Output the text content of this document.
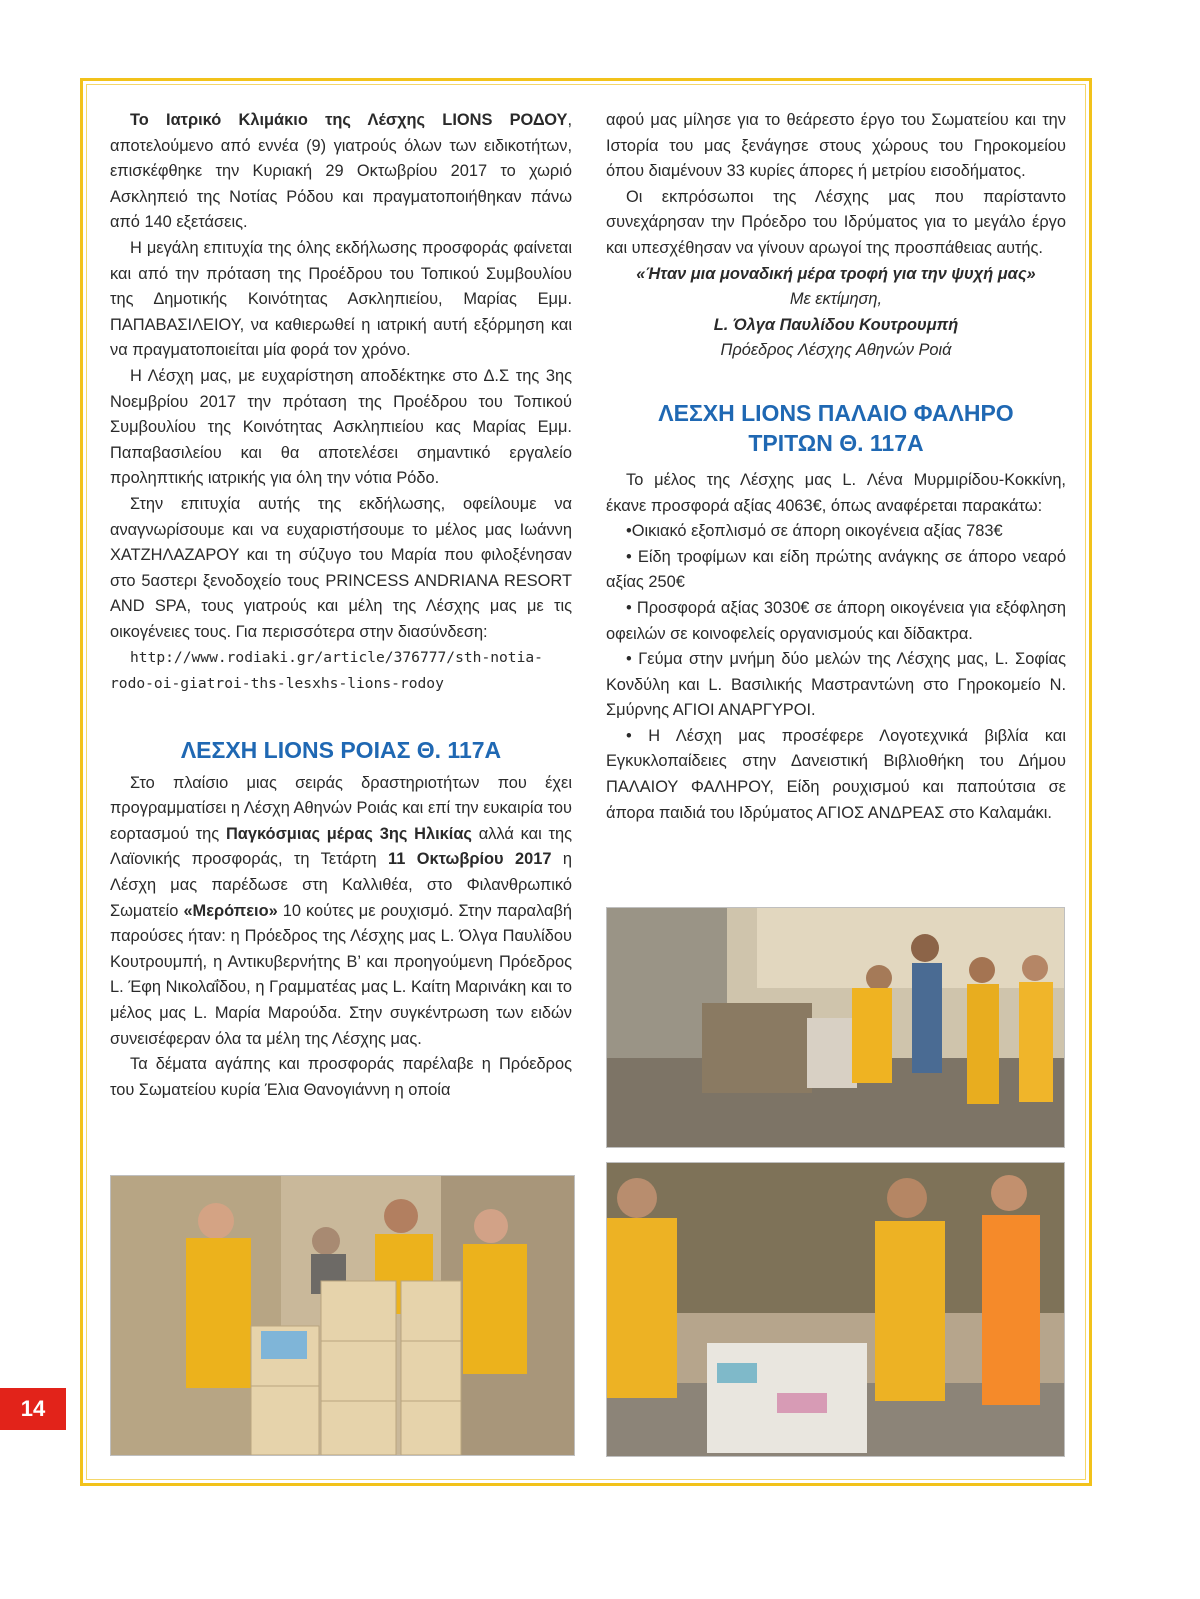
14

Το Ιατρικό Κλιμάκιο της Λέσχης LIONS ΡΟΔΟΥ, αποτελούμενο από εννέα (9) γιατρούς όλων των ειδικοτήτων, επισκέφθηκε την Κυριακή 29 Οκτωβρίου 2017 το χωριό Ασκληπειό της Νοτίας Ρόδου και πραγματοποιήθηκαν πάνω από 140 εξετάσεις.

Η μεγάλη επιτυχία της όλης εκδήλωσης προσφοράς φαίνεται και από την πρόταση της Προέδρου του Τοπικού Συμβουλίου της Δημοτικής Κοινότητας Ασκληπιείου, Μαρίας Εμμ. ΠΑΠΑΒΑΣΙΛΕΙΟΥ, να καθιερωθεί η ιατρική αυτή εξόρμηση και να πραγματοποιείται μία φορά τον χρόνο.

Η Λέσχη μας, με ευχαρίστηση αποδέκτηκε στο Δ.Σ της 3ης Νοεμβρίου 2017 την πρόταση της Προέδρου του Τοπικού Συμβουλίου της Κοινότητας Ασκληπιείου κας Μαρίας Εμμ. Παπαβασιλείου και θα αποτελέσει σημαντικό εργαλείο προληπτικής ιατρικής για όλη την νότια Ρόδο.

Στην επιτυχία αυτής της εκδήλωσης, οφείλουμε να αναγνωρίσουμε και να ευχαριστήσουμε το μέλος μας Ιωάννη ΧΑΤΖΗΛΑΖΑΡΟΥ και τη σύζυγο του Μαρία που φιλοξένησαν στο 5αστερι ξενοδοχείο τους PRINCESS ANDRIANA RESORT AND SPA, τους γιατρούς και μέλη της Λέσχης μας με τις οικογένειες τους. Για περισσότερα στην διασύνδεση:

http://www.rodiaki.gr/article/376777/sth-notia-rodo-oi-giatroi-ths-lesxhs-lions-rodoy
ΛΕΣΧΗ LIONS ΡΟΙΑΣ Θ. 117Α

Στο πλαίσιο μιας σειράς δραστηριοτήτων που έχει προγραμματίσει η Λέσχη Αθηνών Ροιάς και επί την ευκαιρία του εορτασμού της Παγκόσμιας μέρας 3ης Ηλικίας αλλά και της Λαϊονικής προσφοράς, τη Τετάρτη 11 Οκτωβρίου 2017 η Λέσχη μας παρέδωσε στη Καλλιθέα, στο Φιλανθρωπικό Σωματείο «Μερόπειο» 10 κούτες με ρουχισμό. Στην παραλαβή παρούσες ήταν: η Πρόεδρος της Λέσχης μας L. Όλγα Παυλίδου Κουτρουμπή, η Αντικυβερνήτης Β’ και προηγούμενη Πρόεδρος L. Έφη Νικολαΐδου, η Γραμματέας μας L. Καίτη Μαρινάκη και το μέλος μας L. Μαρία Μαρούδα. Στην συγκέντρωση των ειδών συνεισέφεραν όλα τα μέλη της Λέσχης μας.

Τα δέματα αγάπης και προσφοράς παρέλαβε η Πρόεδρος του Σωματείου κυρία Έλια Θανογιάννη η οποία

αφού μας μίλησε για το θεάρεστο έργο του Σωματείου και την Ιστορία του μας ξενάγησε στους χώρους του Γηροκομείου όπου διαμένουν 33 κυρίες άπορες ή μετρίου εισοδήματος.

Οι εκπρόσωποι της Λέσχης μας που παρίσταντο συνεχάρησαν την Πρόεδρο του Ιδρύματος για το μεγάλο έργο και υπεσχέθησαν να γίνουν αρωγοί της προσπάθειας αυτής.

«Ήταν μια μοναδική μέρα τροφή για την ψυχή μας»

Με εκτίμηση,

L. Όλγα Παυλίδου Κουτρουμπή

Πρόεδρος Λέσχης Αθηνών Ροιά

ΛΕΣΧΗ LIONS ΠΑΛΑΙΟ ΦΑΛΗΡΟ
ΤΡΙΤΩΝ Θ. 117Α

Το μέλος της Λέσχης μας L. Λένα Μυρμιρίδου-Κοκκίνη, έκανε προσφορά αξίας 4063€, όπως αναφέρεται παρακάτω:

•Οικιακό εξοπλισμό σε άπορη οικογένεια αξίας 783€

• Είδη τροφίμων και είδη πρώτης ανάγκης σε άπορο νεαρό αξίας 250€

• Προσφορά αξίας 3030€ σε άπορη οικογένεια για εξόφληση οφειλών σε κοινοφελείς οργανισμούς και δίδακτρα.

• Γεύμα στην μνήμη δύο μελών της Λέσχης μας, L. Σοφίας Κονδύλη και L. Βασιλικής Μαστραντώνη στο Γηροκομείο Ν. Σμύρνης ΑΓΙΟΙ ΑΝΑΡΓΥΡΟΙ.

• Η Λέσχη μας προσέφερε Λογοτεχνικά βιβλία και Εγκυκλοπαίδειες στην Δανειστική Βιβλιοθήκη του Δήμου ΠΑΛΑΙΟΥ ΦΑΛΗΡΟΥ, Είδη ρουχισμού και παπούτσια σε άπορα παιδιά του Ιδρύματος ΑΓΙΟΣ ΑΝΔΡΕΑΣ στο Καλαμάκι.
